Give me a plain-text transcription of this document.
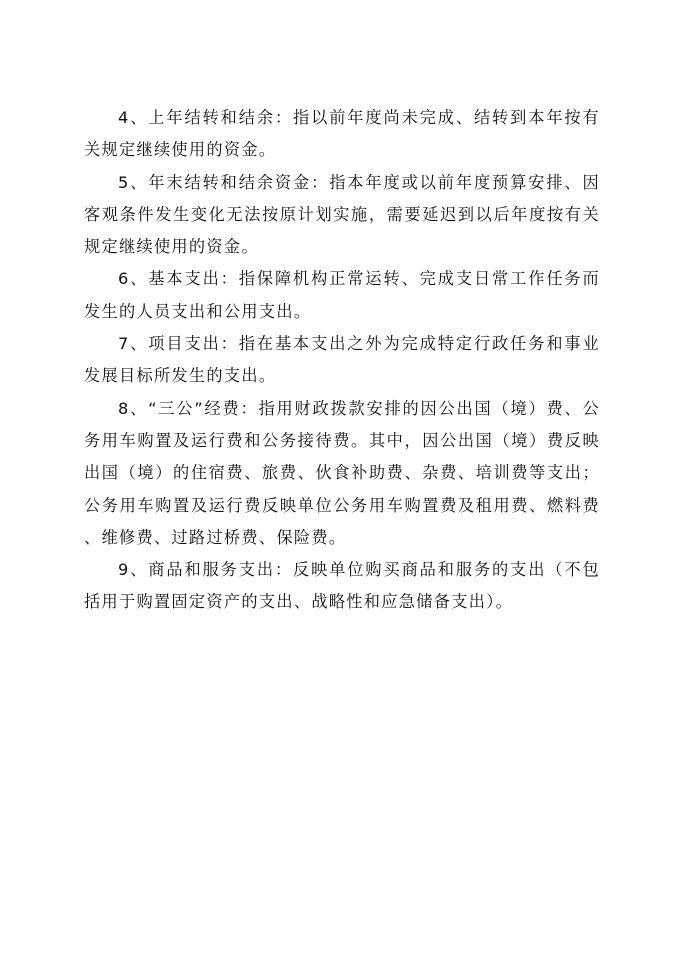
4、上年结转和结余：指以前年度尚未完成、结转到本年按有关规定继续使用的资金。

5、年末结转和结余资金：指本年度或以前年度预算安排、因客观条件发生变化无法按原计划实施，需要延迟到以后年度按有关规定继续使用的资金。

6、基本支出：指保障机构正常运转、完成支日常工作任务而发生的人员支出和公用支出。

7、项目支出：指在基本支出之外为完成特定行政任务和事业发展目标所发生的支出。

8、“三公”经费：指用财政拨款安排的因公出国（境）费、公务用车购置及运行费和公务接待费。其中，因公出国（境）费反映出国（境）的住宿费、旅费、伙食补助费、杂费、培训费等支出；公务用车购置及运行费反映单位公务用车购置费及租用费、燃料费、维修费、过路过桥费、保险费。

9、商品和服务支出：反映单位购买商品和服务的支出（不包括用于购置固定资产的支出、战略性和应急储备支出）。
